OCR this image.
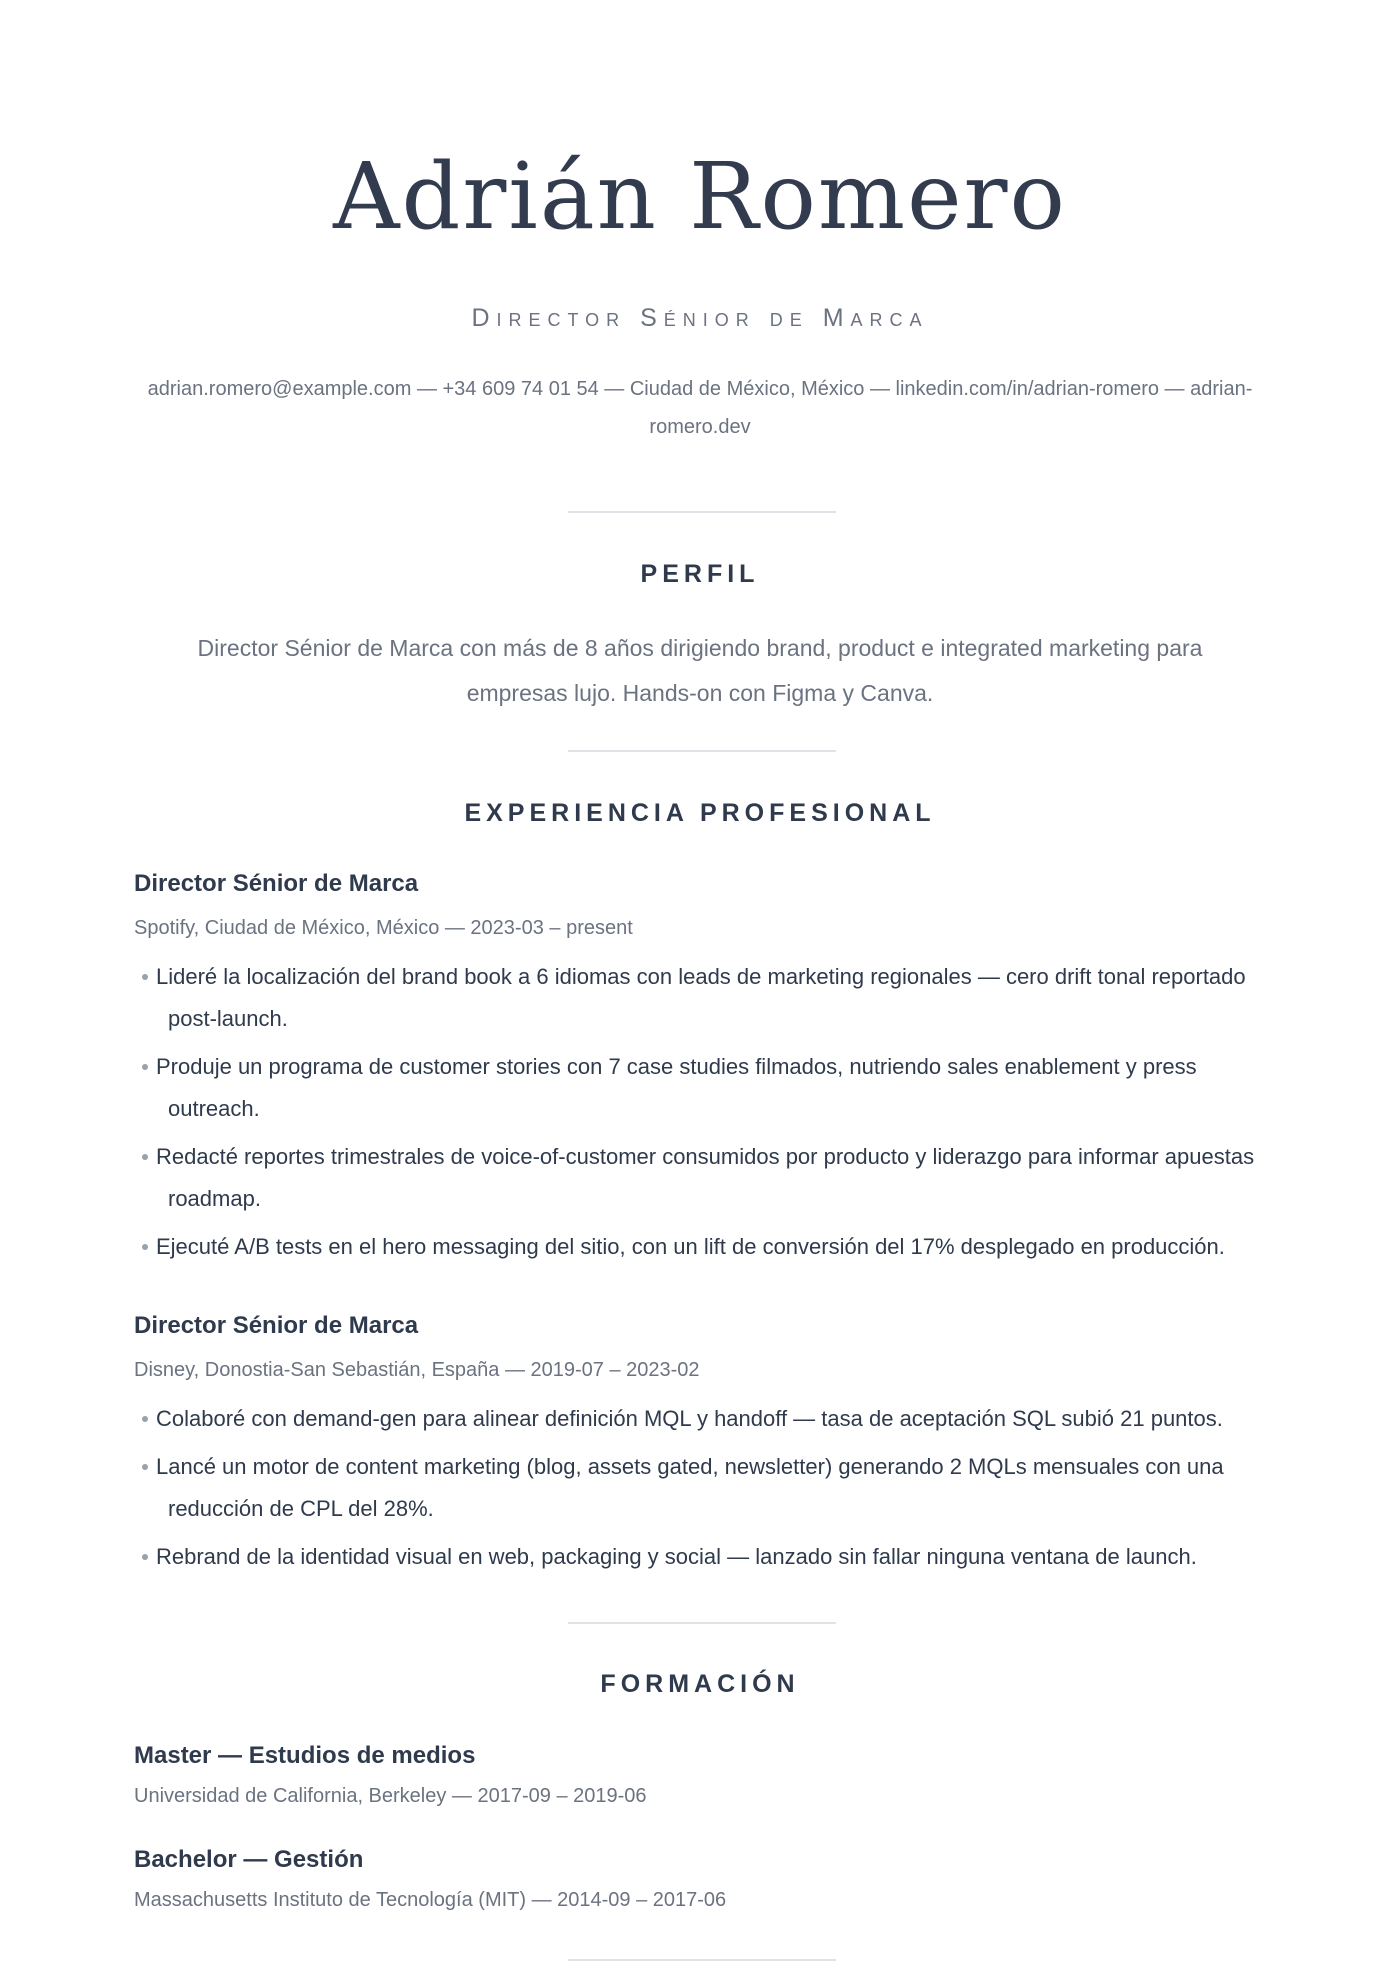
Adrián Romero
Director Sénior de Marca
adrian.romero@example.com — +34 609 74 01 54 — Ciudad de México, México — linkedin.com/in/adrian-romero — adrian-romero.dev
PERFIL
Director Sénior de Marca con más de 8 años dirigiendo brand, product e integrated marketing para empresas lujo. Hands-on con Figma y Canva.
EXPERIENCIA PROFESIONAL
Director Sénior de Marca
Spotify, Ciudad de México, México — 2023-03 – present
Lideré la localización del brand book a 6 idiomas con leads de marketing regionales — cero drift tonal reportado post-launch.
Produje un programa de customer stories con 7 case studies filmados, nutriendo sales enablement y press outreach.
Redacté reportes trimestrales de voice-of-customer consumidos por producto y liderazgo para informar apuestas roadmap.
Ejecuté A/B tests en el hero messaging del sitio, con un lift de conversión del 17% desplegado en producción.
Director Sénior de Marca
Disney, Donostia-San Sebastián, España — 2019-07 – 2023-02
Colaboré con demand-gen para alinear definición MQL y handoff — tasa de aceptación SQL subió 21 puntos.
Lancé un motor de content marketing (blog, assets gated, newsletter) generando 2 MQLs mensuales con una reducción de CPL del 28%.
Rebrand de la identidad visual en web, packaging y social — lanzado sin fallar ninguna ventana de launch.
FORMACIÓN
Master — Estudios de medios
Universidad de California, Berkeley — 2017-09 – 2019-06
Bachelor — Gestión
Massachusetts Instituto de Tecnología (MIT) — 2014-09 – 2017-06
